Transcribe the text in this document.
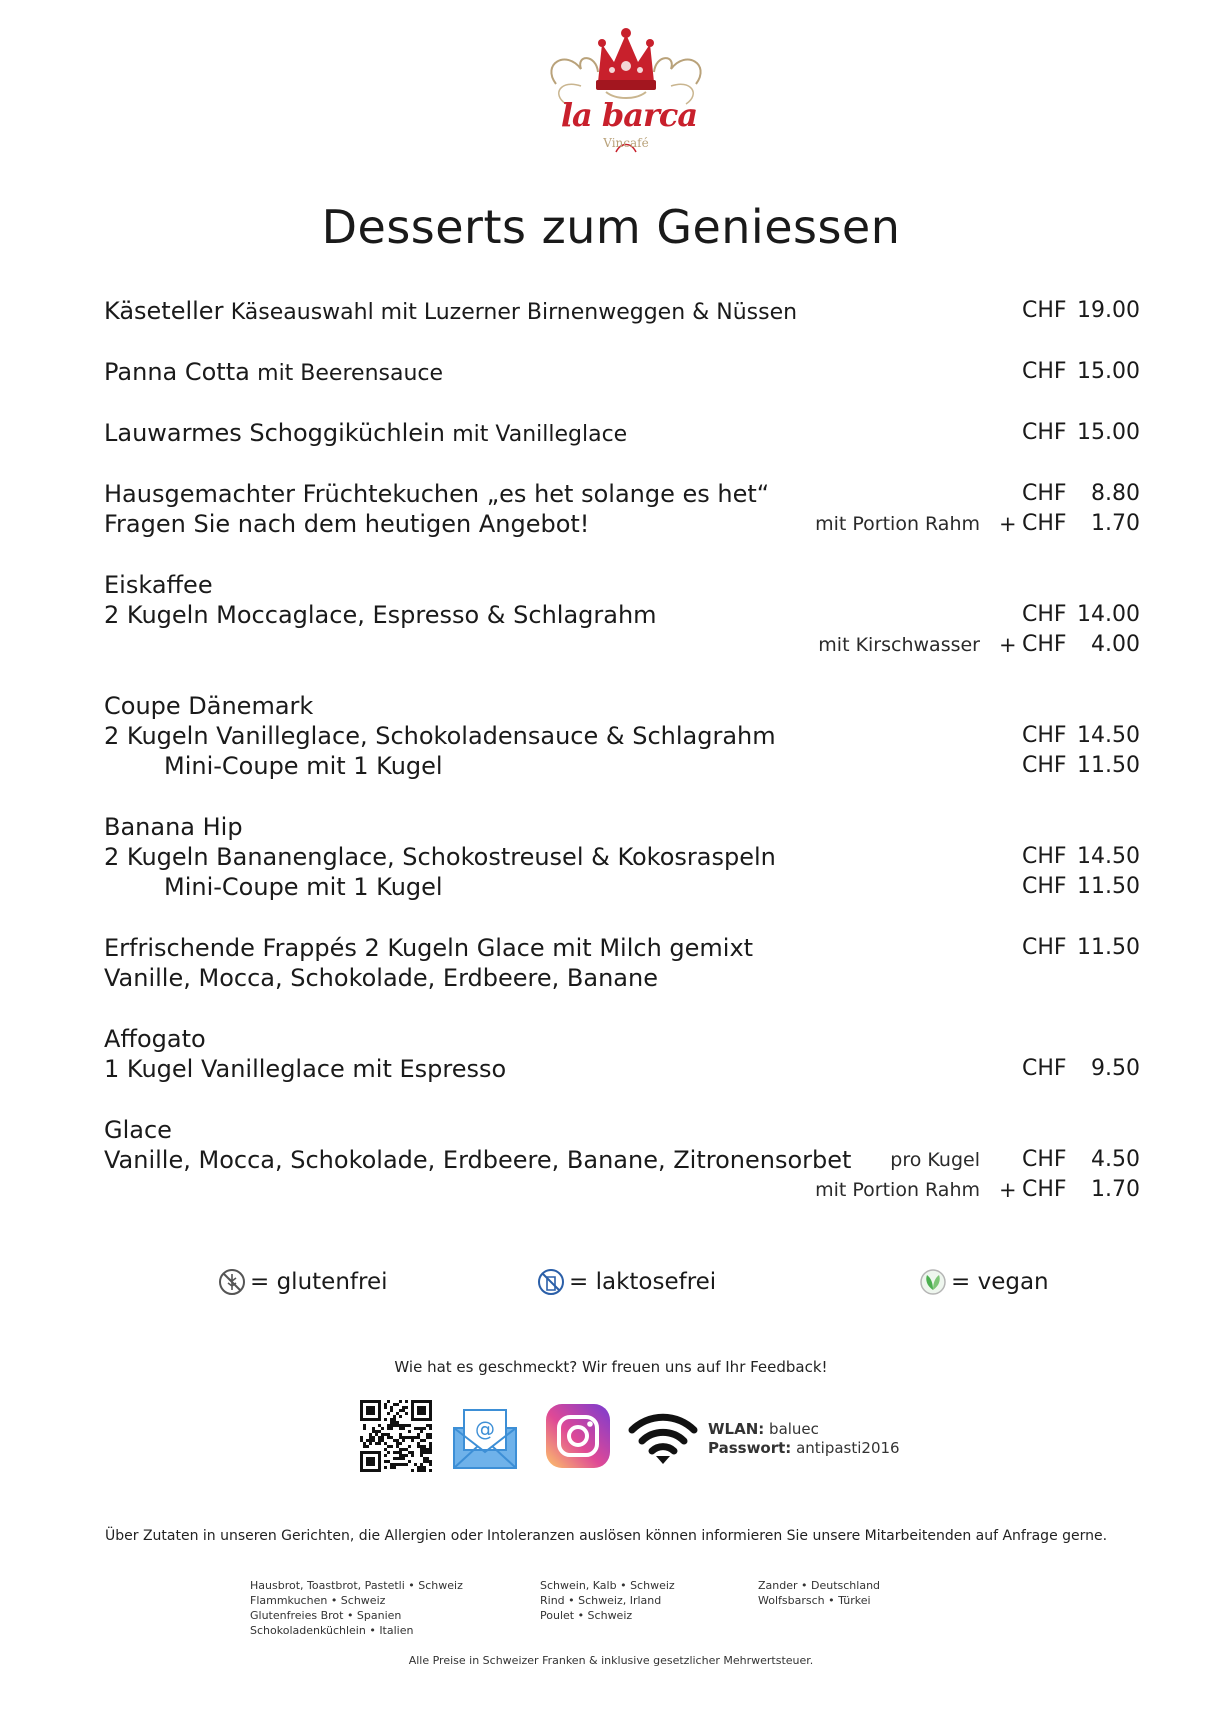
la barca
Vincafé
Desserts zum Geniessen
Käseteller Käseauswahl mit Luzerner Birnenweggen & Nüssen	CHF 19.00
Panna Cotta mit Beerensauce	CHF 15.00
Lauwarmes Schoggiküchlein mit Vanilleglace	CHF 15.00
Hausgemachter Früchtekuchen „es het solange es het“	CHF 8.80
Fragen Sie nach dem heutigen Angebot!	mit Portion Rahm + CHF 1.70
Eiskaffee
2 Kugeln Moccaglace, Espresso & Schlagrahm	CHF 14.00
mit Kirschwasser + CHF 4.00
Coupe Dänemark
2 Kugeln Vanilleglace, Schokoladensauce & Schlagrahm	CHF 14.50
Mini-Coupe mit 1 Kugel	CHF 11.50
Banana Hip
2 Kugeln Bananenglace, Schokostreusel & Kokosraspeln	CHF 14.50
Mini-Coupe mit 1 Kugel	CHF 11.50
Erfrischende Frappés 2 Kugeln Glace mit Milch gemixt	CHF 11.50
Vanille, Mocca, Schokolade, Erdbeere, Banane
Affogato
1 Kugel Vanilleglace mit Espresso	CHF 9.50
Glace
Vanille, Mocca, Schokolade, Erdbeere, Banane, Zitronensorbet pro Kugel CHF 4.50
mit Portion Rahm + CHF 1.70
= glutenfrei	= laktosefrei	= vegan
Wie hat es geschmeckt? Wir freuen uns auf Ihr Feedback!
@	WLAN: baluec
Passwort: antipasti2016
Über Zutaten in unseren Gerichten, die Allergien oder Intoleranzen auslösen können informieren Sie unsere Mitarbeitenden auf Anfrage gerne.
Hausbrot, Toastbrot, Pastetli • Schweiz
Flammkuchen • Schweiz
Glutenfreies Brot • Spanien
Schokoladenküchlein • Italien
Schwein, Kalb • Schweiz
Rind • Schweiz, Irland
Poulet • Schweiz
Zander • Deutschland
Wolfsbarsch • Türkei
Alle Preise in Schweizer Franken & inklusive gesetzlicher Mehrwertsteuer.
